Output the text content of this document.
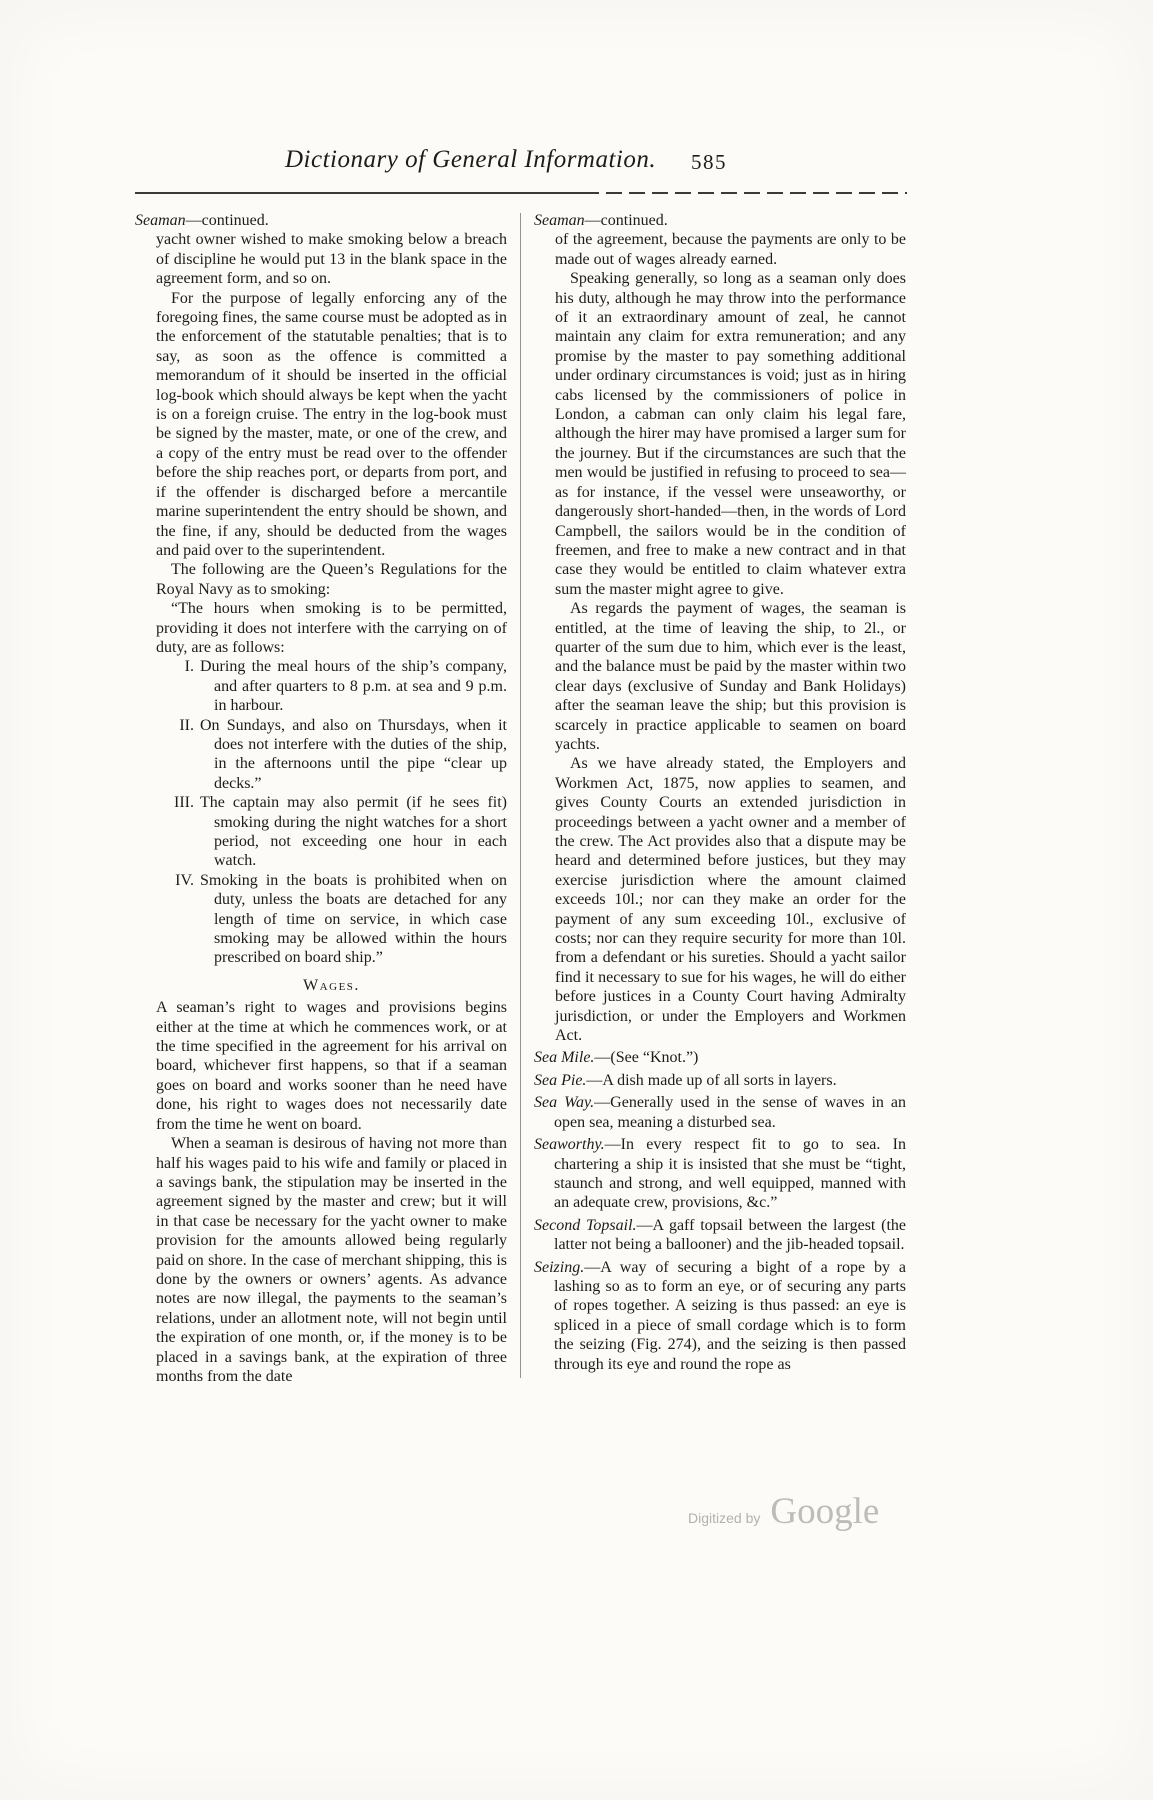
Dictionary of General Information. 585
Seaman—continued.

yacht owner wished to make smoking below a breach of discipline he would put 13 in the blank space in the agreement form, and so on.

For the purpose of legally enforcing any of the foregoing fines, the same course must be adopted as in the enforcement of the statutable penalties; that is to say, as soon as the offence is committed a memorandum of it should be inserted in the official log-book which should always be kept when the yacht is on a foreign cruise. The entry in the log-book must be signed by the master, mate, or one of the crew, and a copy of the entry must be read over to the offender before the ship reaches port, or departs from port, and if the offender is discharged before a mercantile marine superintendent the entry should be shown, and the fine, if any, should be deducted from the wages and paid over to the superintendent.

The following are the Queen’s Regulations for the Royal Navy as to smoking:

“The hours when smoking is to be permitted, providing it does not interfere with the carrying on of duty, are as follows:

I. During the meal hours of the ship’s company, and after quarters to 8 p.m. at sea and 9 p.m. in harbour.
II. On Sundays, and also on Thursdays, when it does not interfere with the duties of the ship, in the afternoons until the pipe “clear up decks.”
III. The captain may also permit (if he sees fit) smoking during the night watches for a short period, not exceeding one hour in each watch.
IV. Smoking in the boats is prohibited when on duty, unless the boats are detached for any length of time on service, in which case smoking may be allowed within the hours prescribed on board ship.”
Wages.

A seaman’s right to wages and provisions begins either at the time at which he commences work, or at the time specified in the agreement for his arrival on board, whichever first happens, so that if a seaman goes on board and works sooner than he need have done, his right to wages does not necessarily date from the time he went on board.

When a seaman is desirous of having not more than half his wages paid to his wife and family or placed in a savings bank, the stipulation may be inserted in the agreement signed by the master and crew; but it will in that case be necessary for the yacht owner to make provision for the amounts allowed being regularly paid on shore. In the case of merchant shipping, this is done by the owners or owners’ agents. As advance notes are now illegal, the payments to the seaman’s relations, under an allotment note, will not begin until the expiration of one month, or, if the money is to be placed in a savings bank, at the expiration of three months from the date

Seaman—continued.

of the agreement, because the payments are only to be made out of wages already earned.

Speaking generally, so long as a seaman only does his duty, although he may throw into the performance of it an extraordinary amount of zeal, he cannot maintain any claim for extra remuneration; and any promise by the master to pay something additional under ordinary circumstances is void; just as in hiring cabs licensed by the commissioners of police in London, a cabman can only claim his legal fare, although the hirer may have promised a larger sum for the journey. But if the circumstances are such that the men would be justified in refusing to proceed to sea—as for instance, if the vessel were unseaworthy, or dangerously short-handed—then, in the words of Lord Campbell, the sailors would be in the condition of freemen, and free to make a new contract and in that case they would be entitled to claim whatever extra sum the master might agree to give.

As regards the payment of wages, the seaman is entitled, at the time of leaving the ship, to 2l., or quarter of the sum due to him, which ever is the least, and the balance must be paid by the master within two clear days (exclusive of Sunday and Bank Holidays) after the seaman leave the ship; but this provision is scarcely in practice applicable to seamen on board yachts.

As we have already stated, the Employers and Workmen Act, 1875, now applies to seamen, and gives County Courts an extended jurisdiction in proceedings between a yacht owner and a member of the crew. The Act provides also that a dispute may be heard and determined before justices, but they may exercise jurisdiction where the amount claimed exceeds 10l.; nor can they make an order for the payment of any sum exceeding 10l., exclusive of costs; nor can they require security for more than 10l. from a defendant or his sureties. Should a yacht sailor find it necessary to sue for his wages, he will do either before justices in a County Court having Admiralty jurisdiction, or under the Employers and Workmen Act.

Sea Mile.—(See “Knot.”)
Sea Pie.—A dish made up of all sorts in layers.
Sea Way.—Generally used in the sense of waves in an open sea, meaning a disturbed sea.
Seaworthy.—In every respect fit to go to sea. In chartering a ship it is insisted that she must be “tight, staunch and strong, and well equipped, manned with an adequate crew, provisions, &c.”
Second Topsail.—A gaff topsail between the largest (the latter not being a ballooner) and the jib-headed topsail.
Seizing.—A way of securing a bight of a rope by a lashing so as to form an eye, or of securing any parts of ropes together. A seizing is thus passed: an eye is spliced in a piece of small cordage which is to form the seizing (Fig. 274), and the seizing is then passed through its eye and round the rope as
Digitized by Google
